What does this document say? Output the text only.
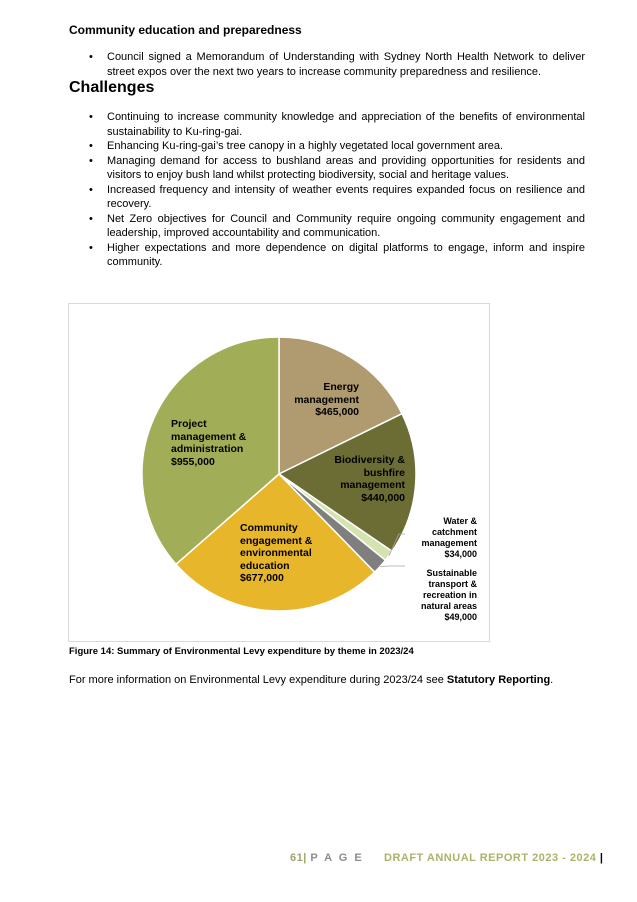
Community education and preparedness
• Council signed a Memorandum of Understanding with Sydney North Health Network to deliver street expos over the next two years to increase community preparedness and resilience.
Challenges
• Continuing to increase community knowledge and appreciation of the benefits of environmental sustainability to Ku-ring-gai.
• Enhancing Ku-ring-gai’s tree canopy in a highly vegetated local government area.
• Managing demand for access to bushland areas and providing opportunities for residents and visitors to enjoy bush land whilst protecting biodiversity, social and heritage values.
• Increased frequency and intensity of weather events requires expanded focus on resilience and recovery.
• Net Zero objectives for Council and Community require ongoing community engagement and leadership, improved accountability and communication.
• Higher expectations and more dependence on digital platforms to engage, inform and inspire community.
Energy
management
$465,000
Biodiversity &
bushfire
management
$440,000
Community
engagement &
environmental
education
$677,000
Project
management &
administration
$955,000
Water &
catchment
management
$34,000
Sustainable
transport &
recreation in
natural areas
$49,000
Figure 14: Summary of Environmental Levy expenditure by theme in 2023/24
For more information on Environmental Levy expenditure during 2023/24 see Statutory Reporting.
61| P A G E DRAFT ANNUAL REPORT 2023 - 2024 |
